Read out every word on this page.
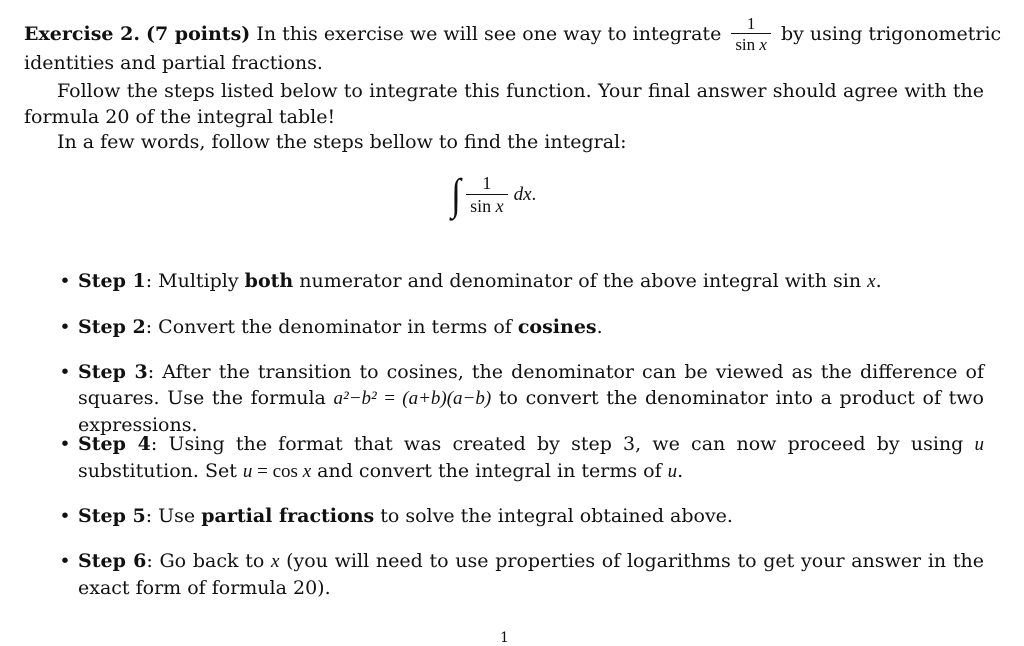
Exercise 2.
(7 points)
In this exercise we will see one way to integrate $\frac{1}{\text{sin x}}$ by using trigonometric
identities and partial fractions.
Follow the steps listed below to integrate this function. Your final answer should agree with the formula 20 of the integral table!
In a few words, follow the steps bellow to find the integral:
∫ $\frac{1}{\text{sin x}}$ dx .
• Step 1: Multiply both numerator and denominator of the above integral with sin x.
• Step 2: Convert the denominator in terms of cosines.
• Step 3: After the transition to cosines, the denominator can be viewed as the difference of squares. Use the formula a²−b² = (a+b)(a−b) to convert the denominator into a product of two expressions.
• Step 4: Using the format that was created by step 3, we can now proceed by using u substitution. Set u = cos x and convert the integral in terms of u.
• Step 5: Use partial fractions to solve the integral obtained above.
• Step 6: Go back to x (you will need to use properties of logarithms to get your answer in the exact form of formula 20).
1
